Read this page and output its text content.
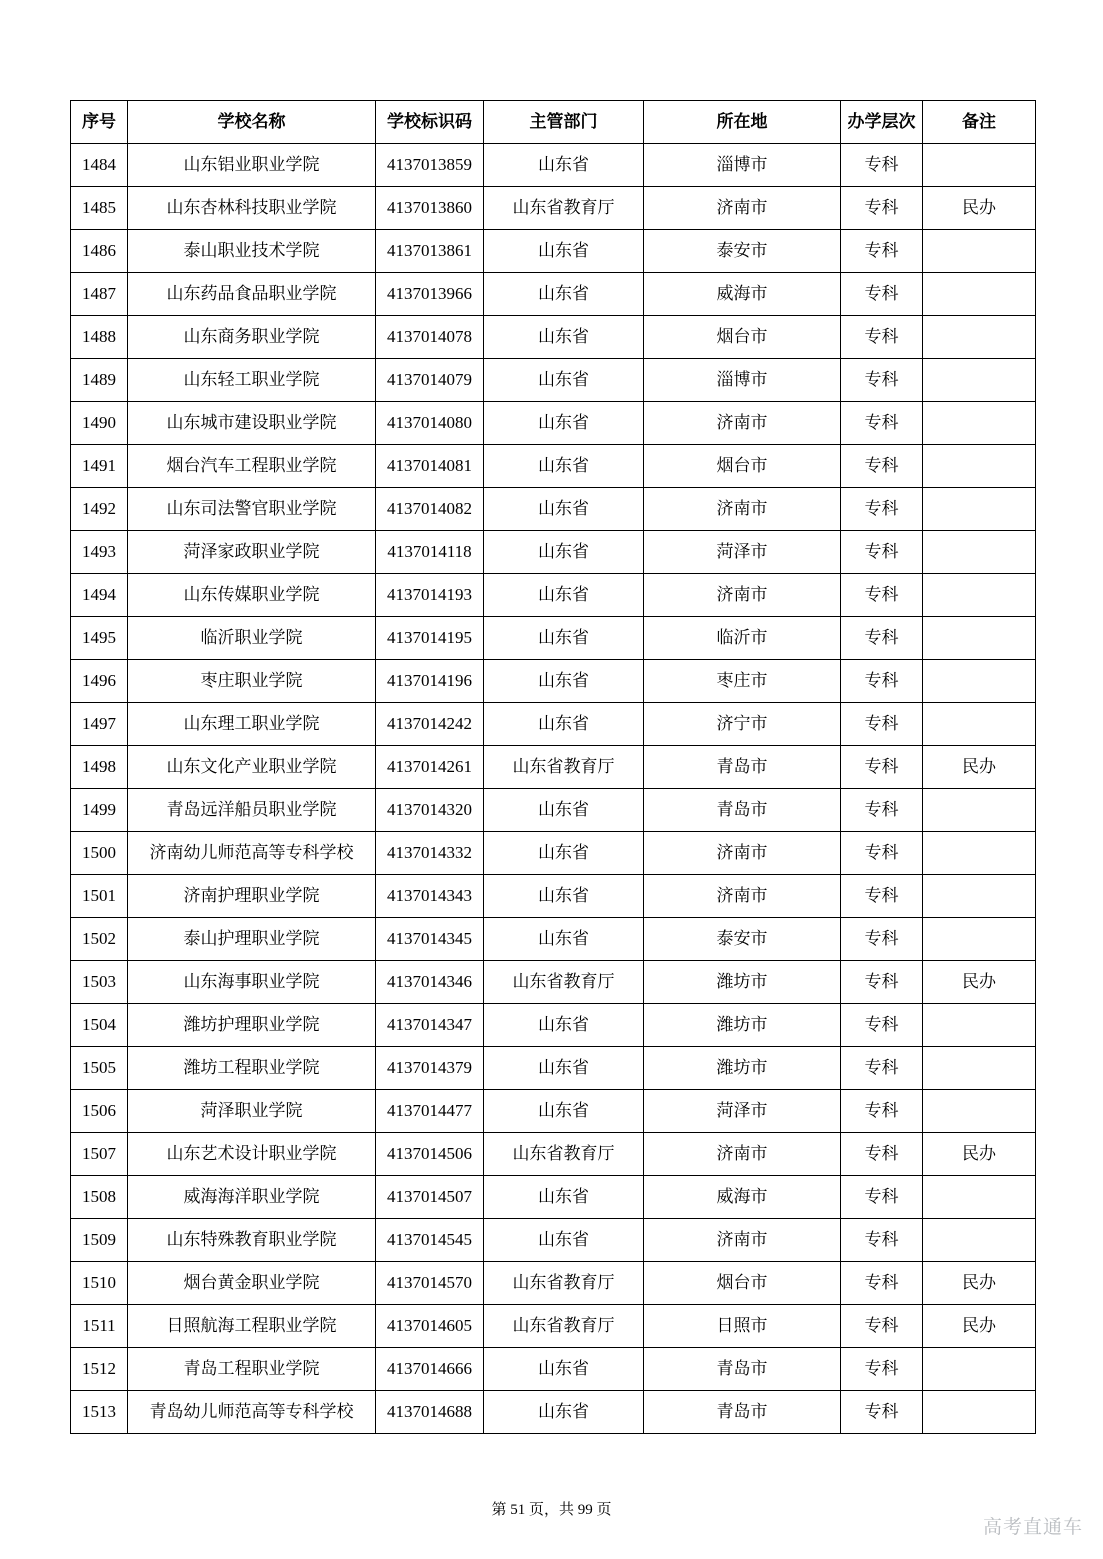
序号	学校名称	学校标识码	主管部门	所在地	办学层次	备注
1484	山东铝业职业学院	4137013859	山东省	淄博市	专科	
1485	山东杏林科技职业学院	4137013860	山东省教育厅	济南市	专科	民办
1486	泰山职业技术学院	4137013861	山东省	泰安市	专科	
1487	山东药品食品职业学院	4137013966	山东省	威海市	专科	
1488	山东商务职业学院	4137014078	山东省	烟台市	专科	
1489	山东轻工职业学院	4137014079	山东省	淄博市	专科	
1490	山东城市建设职业学院	4137014080	山东省	济南市	专科	
1491	烟台汽车工程职业学院	4137014081	山东省	烟台市	专科	
1492	山东司法警官职业学院	4137014082	山东省	济南市	专科	
1493	菏泽家政职业学院	4137014118	山东省	菏泽市	专科	
1494	山东传媒职业学院	4137014193	山东省	济南市	专科	
1495	临沂职业学院	4137014195	山东省	临沂市	专科	
1496	枣庄职业学院	4137014196	山东省	枣庄市	专科	
1497	山东理工职业学院	4137014242	山东省	济宁市	专科	
1498	山东文化产业职业学院	4137014261	山东省教育厅	青岛市	专科	民办
1499	青岛远洋船员职业学院	4137014320	山东省	青岛市	专科	
1500	济南幼儿师范高等专科学校	4137014332	山东省	济南市	专科	
1501	济南护理职业学院	4137014343	山东省	济南市	专科	
1502	泰山护理职业学院	4137014345	山东省	泰安市	专科	
1503	山东海事职业学院	4137014346	山东省教育厅	潍坊市	专科	民办
1504	潍坊护理职业学院	4137014347	山东省	潍坊市	专科	
1505	潍坊工程职业学院	4137014379	山东省	潍坊市	专科	
1506	菏泽职业学院	4137014477	山东省	菏泽市	专科	
1507	山东艺术设计职业学院	4137014506	山东省教育厅	济南市	专科	民办
1508	威海海洋职业学院	4137014507	山东省	威海市	专科	
1509	山东特殊教育职业学院	4137014545	山东省	济南市	专科	
1510	烟台黄金职业学院	4137014570	山东省教育厅	烟台市	专科	民办
1511	日照航海工程职业学院	4137014605	山东省教育厅	日照市	专科	民办
1512	青岛工程职业学院	4137014666	山东省	青岛市	专科	
1513	青岛幼儿师范高等专科学校	4137014688	山东省	青岛市	专科	
第 51 页，共 99 页
高考直通车
